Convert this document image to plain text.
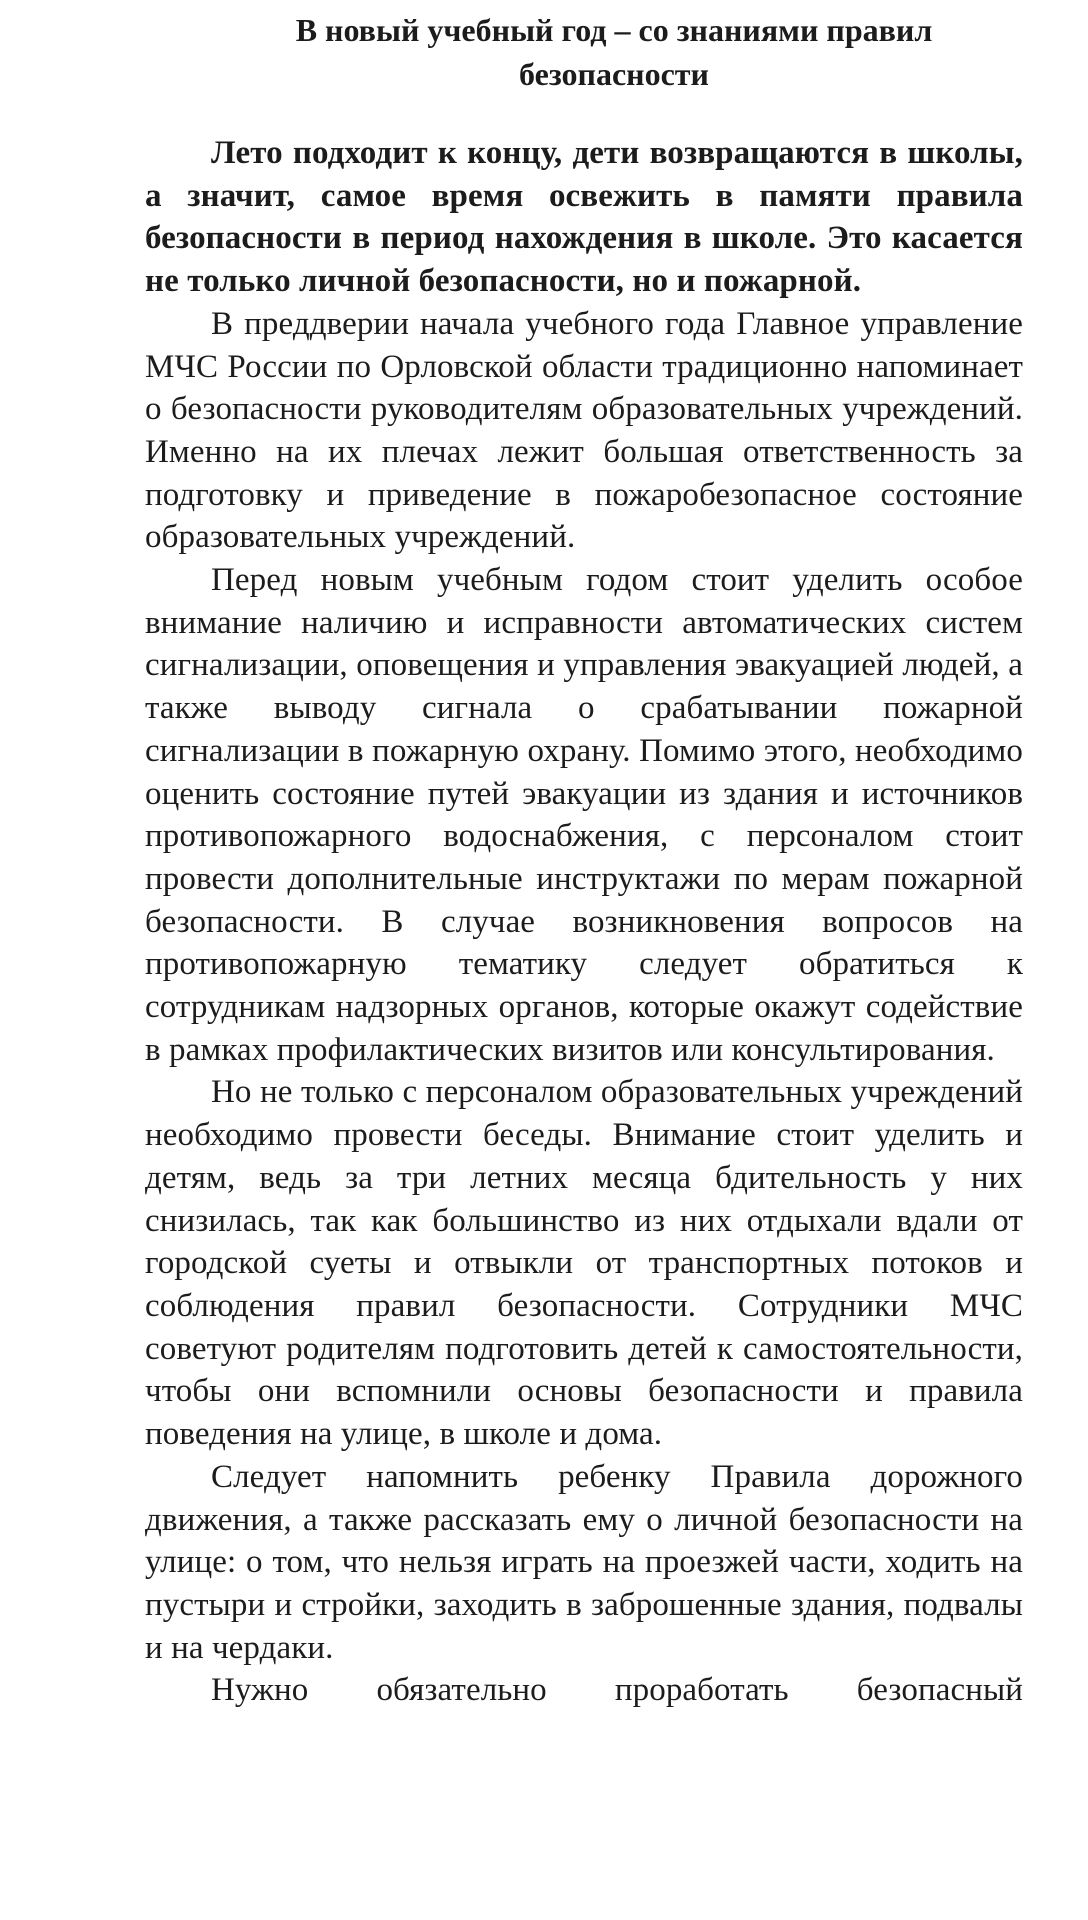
В новый учебный год – со знаниями правил безопасности

Лето подходит к концу, дети возвращаются в школы, а значит, самое время освежить в памяти правила безопасности в период нахождения в школе. Это касается не только личной безопасности, но и пожарной.

В преддверии начала учебного года Главное управление МЧС России по Орловской области традиционно напоминает о безопасности руководителям образовательных учреждений. Именно на их плечах лежит большая ответственность за подготовку и приведение в пожаробезопасное состояние образовательных учреждений.

Перед новым учебным годом стоит уделить особое внимание наличию и исправности автоматических систем сигнализации, оповещения и управления эвакуацией людей, а также выводу сигнала о срабатывании пожарной сигнализации в пожарную охрану. Помимо этого, необходимо оценить состояние путей эвакуации из здания и источников противопожарного водоснабжения, с персоналом стоит провести дополнительные инструктажи по мерам пожарной безопасности. В случае возникновения вопросов на противопожарную тематику следует обратиться к сотрудникам надзорных органов, которые окажут содействие в рамках профилактических визитов или консультирования.

Но не только с персоналом образовательных учреждений необходимо провести беседы. Внимание стоит уделить и детям, ведь за три летних месяца бдительность у них снизилась, так как большинство из них отдыхали вдали от городской суеты и отвыкли от транспортных потоков и соблюдения правил безопасности. Сотрудники МЧС советуют родителям подготовить детей к самостоятельности, чтобы они вспомнили основы безопасности и правила поведения на улице, в школе и дома.

Следует напомнить ребенку Правила дорожного движения, а также рассказать ему о личной безопасности на улице: о том, что нельзя играть на проезжей части, ходить на пустыри и стройки, заходить в заброшенные здания, подвалы и на чердаки.

Нужно обязательно проработать безопасный
